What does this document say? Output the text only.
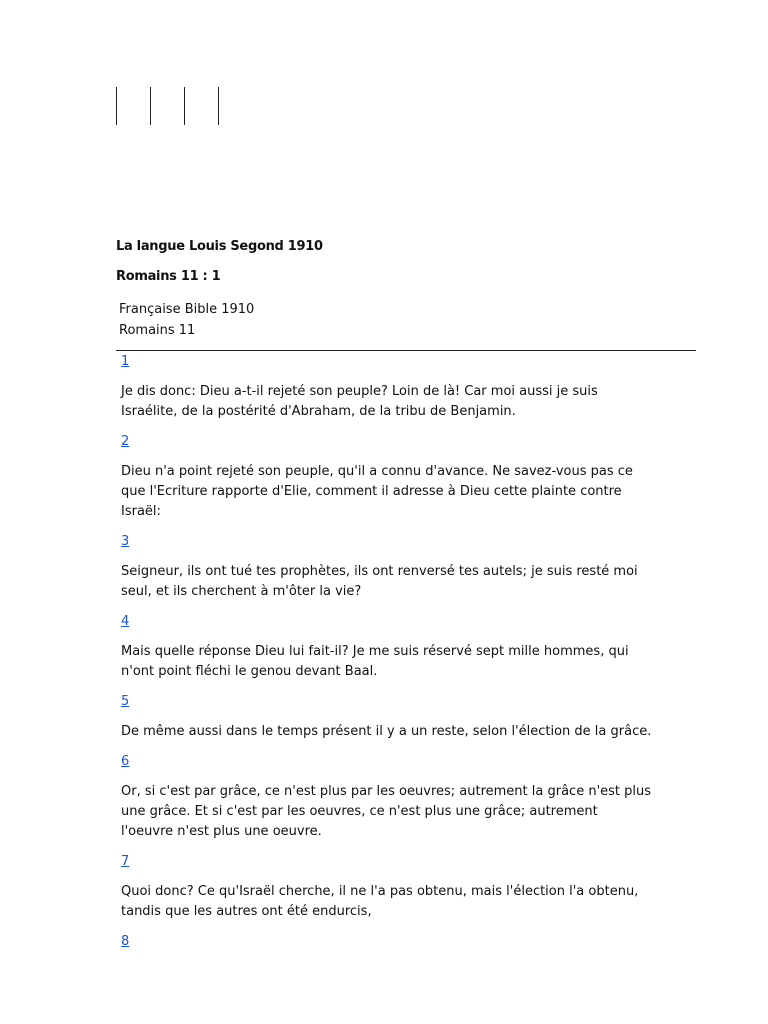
La langue Louis Segond 1910
Romains 11 : 1
Française Bible 1910
Romains 11
1

Je dis donc: Dieu a-t-il rejeté son peuple? Loin de là! Car moi aussi je suis Israélite, de la postérité d'Abraham, de la tribu de Benjamin.

2

Dieu n'a point rejeté son peuple, qu'il a connu d'avance. Ne savez-vous pas ce que l'Ecriture rapporte d'Elie, comment il adresse à Dieu cette plainte contre Israël:

3

Seigneur, ils ont tué tes prophètes, ils ont renversé tes autels; je suis resté moi seul, et ils cherchent à m'ôter la vie?

4

Mais quelle réponse Dieu lui fait-il? Je me suis réservé sept mille hommes, qui n'ont point fléchi le genou devant Baal.

5

De même aussi dans le temps présent il y a un reste, selon l'élection de la grâce.

6

Or, si c'est par grâce, ce n'est plus par les oeuvres; autrement la grâce n'est plus une grâce. Et si c'est par les oeuvres, ce n'est plus une grâce; autrement l'oeuvre n'est plus une oeuvre.

7

Quoi donc? Ce qu'Israël cherche, il ne l'a pas obtenu, mais l'élection l'a obtenu, tandis que les autres ont été endurcis,

8
